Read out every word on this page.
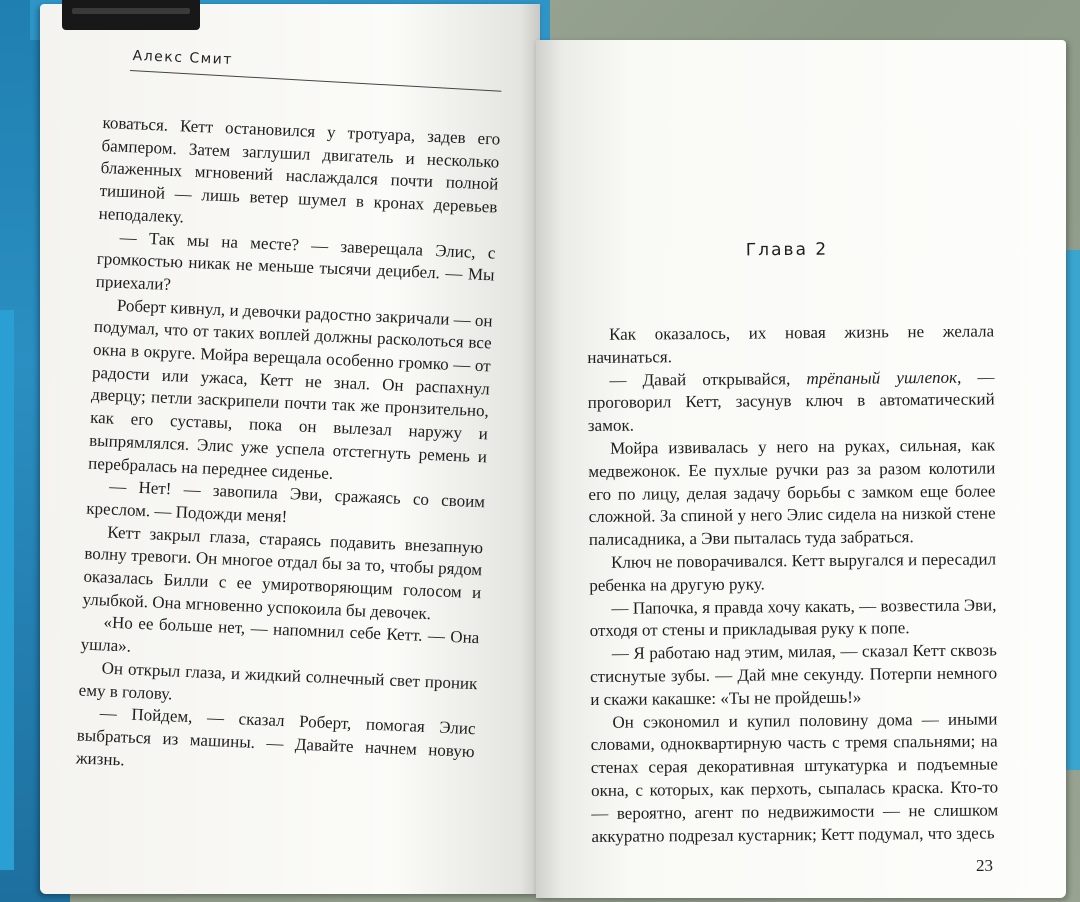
Алекс Смит

коваться. Кетт остановился у тротуара, задев его бампером. Затем заглушил двигатель и несколько блаженных мгновений наслаждался почти полной тишиной — лишь ветер шумел в кронах деревьев неподалеку.

— Так мы на месте? — заверещала Элис, с громкостью никак не меньше тысячи децибел. — Мы приехали?

Роберт кивнул, и девочки радостно закричали — он подумал, что от таких воплей должны расколоться все окна в округе. Мойра верещала особенно громко — от радости или ужаса, Кетт не знал. Он распахнул дверцу; петли заскрипели почти так же пронзительно, как его суставы, пока он вылезал наружу и выпрямлялся. Элис уже успела отстегнуть ремень и перебралась на переднее сиденье.

— Нет! — завопила Эви, сражаясь со своим креслом. — Подожди меня!

Кетт закрыл глаза, стараясь подавить внезапную волну тревоги. Он многое отдал бы за то, чтобы рядом оказалась Билли с ее умиротворяющим голосом и улыбкой. Она мгновенно успокоила бы девочек.

«Но ее больше нет, — напомнил себе Кетт. — Она ушла».

Он открыл глаза, и жидкий солнечный свет проник ему в голову.

— Пойдем, — сказал Роберт, помогая Элис выбраться из машины. — Давайте начнем новую жизнь.

Глава 2

Как оказалось, их новая жизнь не желала начинаться.

— Давай открывайся, трёпаный ушлепок, — проговорил Кетт, засунув ключ в автоматический замок.

Мойра извивалась у него на руках, сильная, как медвежонок. Ее пухлые ручки раз за разом колотили его по лицу, делая задачу борьбы с замком еще более сложной. За спиной у него Элис сидела на низкой стене палисадника, а Эви пыталась туда забраться.

Ключ не поворачивался. Кетт выругался и пересадил ребенка на другую руку.

— Папочка, я правда хочу какать, — возвестила Эви, отходя от стены и прикладывая руку к попе.

— Я работаю над этим, милая, — сказал Кетт сквозь стиснутые зубы. — Дай мне секунду. Потерпи немного и скажи какашке: «Ты не пройдешь!»

Он сэкономил и купил половину дома — иными словами, одноквартирную часть с тремя спальнями; на стенах серая декоративная штукатурка и подъемные окна, с которых, как перхоть, сыпалась краска. Кто-то — вероятно, агент по недвижимости — не слишком аккуратно подрезал кустарник; Кетт подумал, что здесь

23
